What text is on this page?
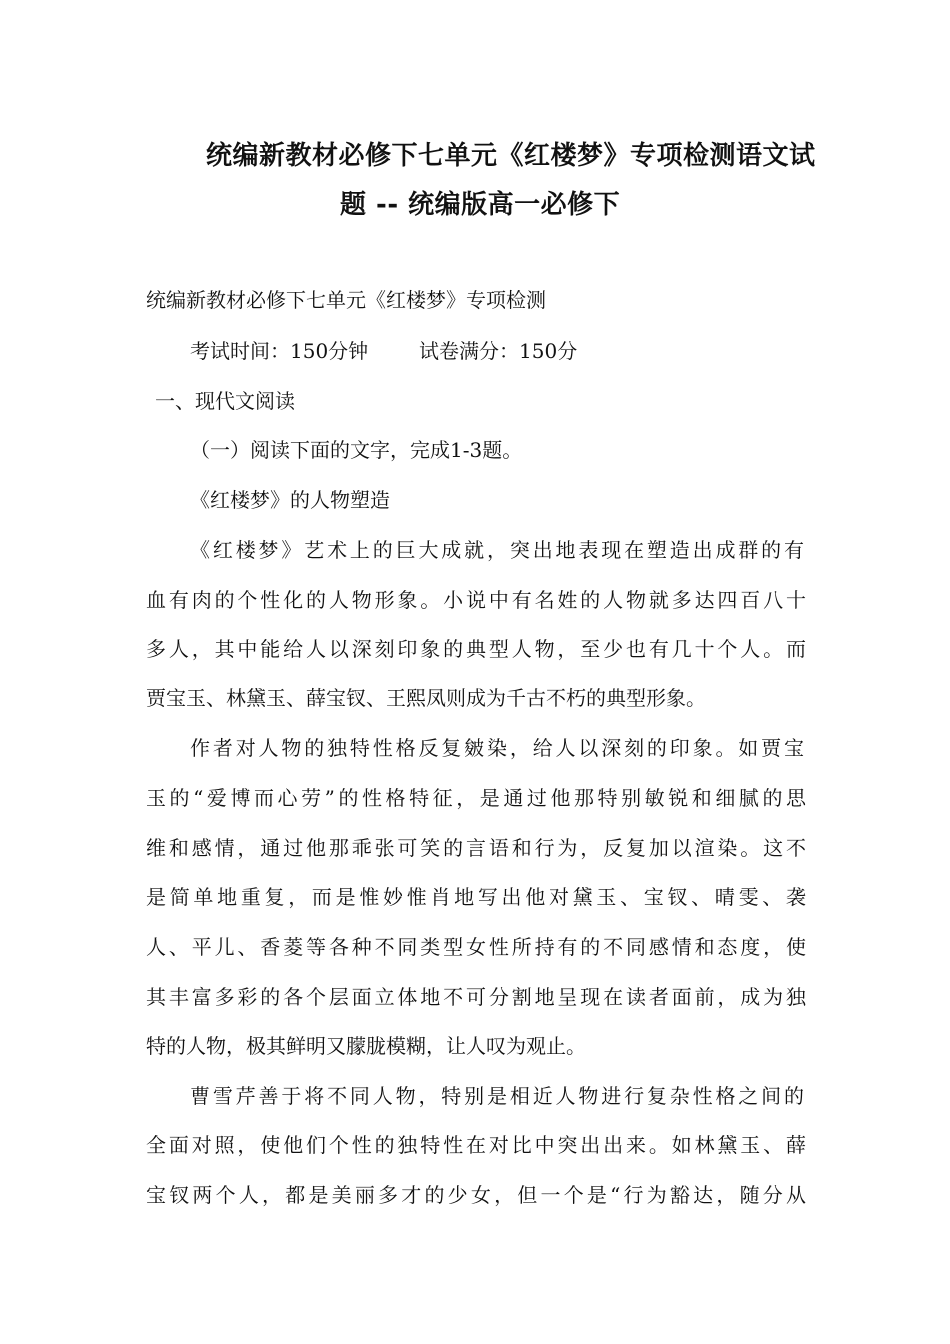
统编新教材必修下七单元《红楼梦》专项检测语文试
题 -- 统编版高一必修下
统编新教材必修下七单元《红楼梦》专项检测
考试时间：150分钟        试卷满分：150分
一、现代文阅读
（一）阅读下面的文字，完成1-3题。
《红楼梦》的人物塑造
《红楼梦》艺术上的巨大成就，突出地表现在塑造出成群的有
血有肉的个性化的人物形象。小说中有名姓的人物就多达四百八十
多人，其中能给人以深刻印象的典型人物，至少也有几十个人。而
贾宝玉、林黛玉、薛宝钗、王熙凤则成为千古不朽的典型形象。
作者对人物的独特性格反复皴染，给人以深刻的印象。如贾宝
玉的“爱博而心劳”的性格特征，是通过他那特别敏锐和细腻的思
维和感情，通过他那乖张可笑的言语和行为，反复加以渲染。这不
是简单地重复，而是惟妙惟肖地写出他对黛玉、宝钗、晴雯、袭
人、平儿、香菱等各种不同类型女性所持有的不同感情和态度，使
其丰富多彩的各个层面立体地不可分割地呈现在读者面前，成为独
特的人物，极其鲜明又朦胧模糊，让人叹为观止。
曹雪芹善于将不同人物，特别是相近人物进行复杂性格之间的
全面对照，使他们个性的独特性在对比中突出出来。如林黛玉、薛
宝钗两个人，都是美丽多才的少女，但一个是“行为豁达，随分从
